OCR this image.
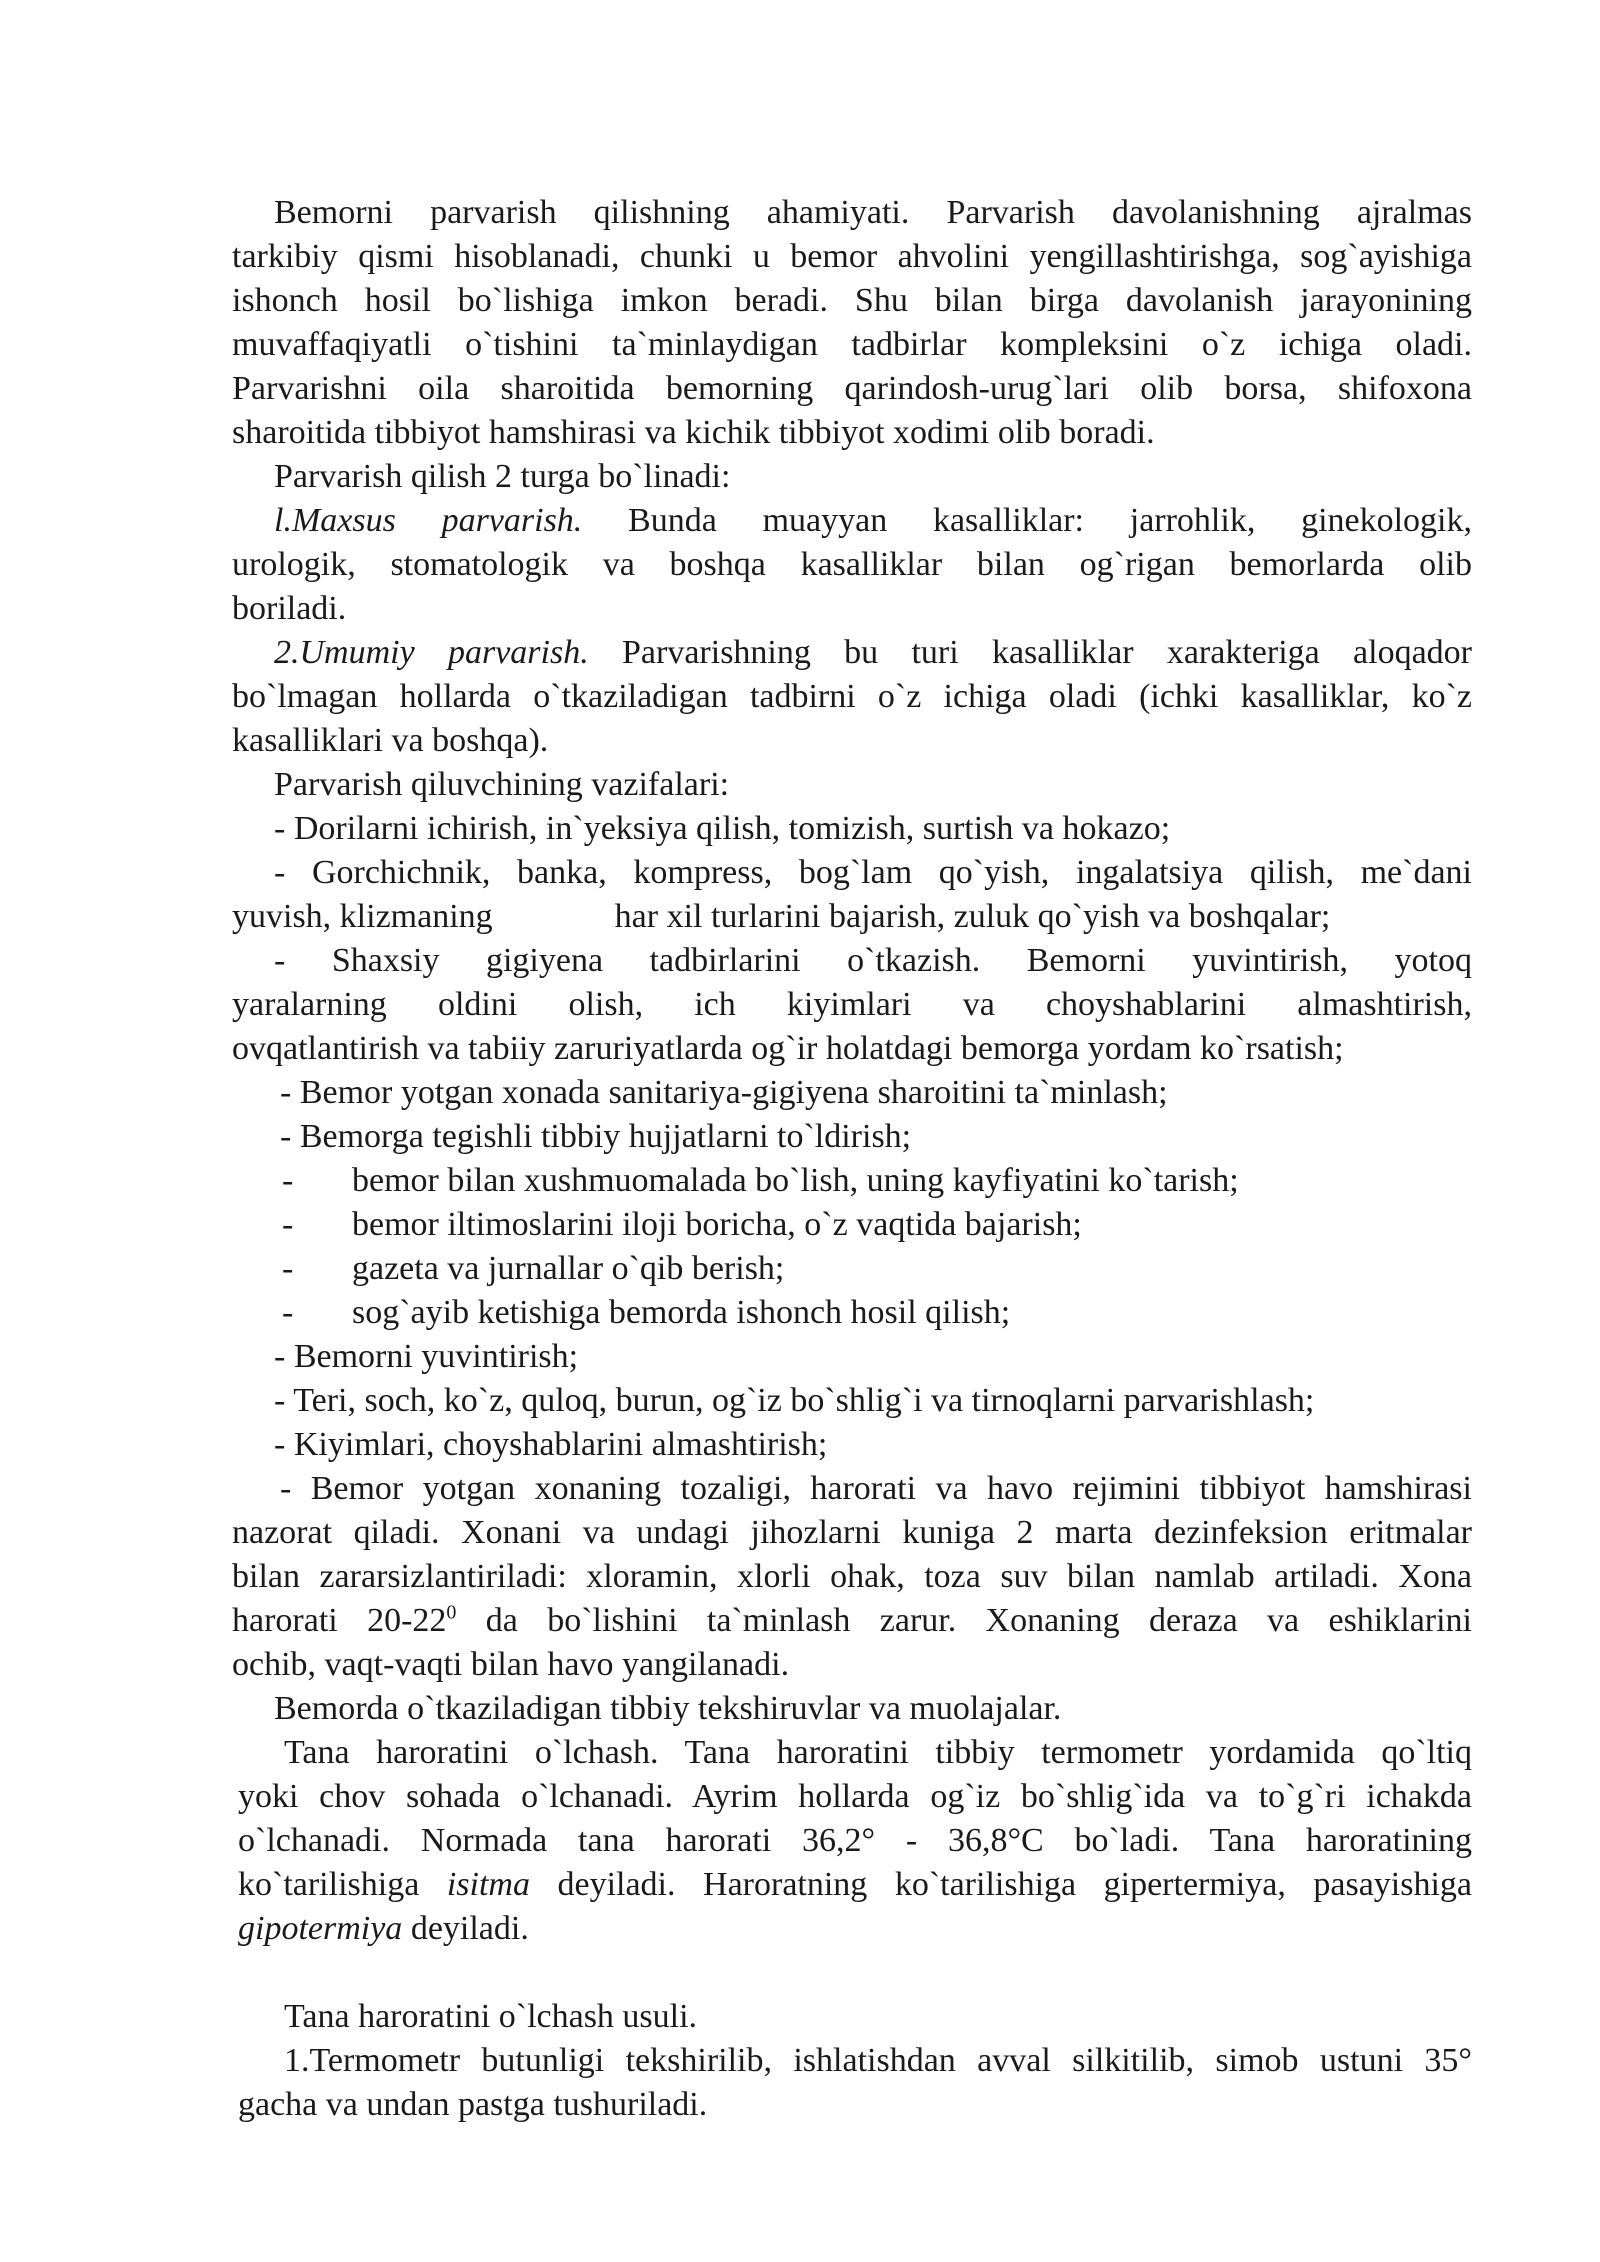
Bemorni parvarish qilishning ahamiyati. Parvarish davolanishning ajralmas
tarkibiy qismi hisoblanadi, chunki u bemor ahvolini yengillashtirishga, sog`ayishiga
ishonch hosil bo`lishiga imkon beradi. Shu bilan birga davolanish jarayonining
muvaffaqiyatli o`tishini ta`minlaydigan tadbirlar kompleksini o`z ichiga oladi.
Parvarishni oila sharoitida bemorning qarindosh-urug`lari olib borsa, shifoxona
sharoitida tibbiyot hamshirasi va kichik tibbiyot xodimi olib boradi.
Parvarish qilish 2 turga bo`linadi:
l.Maxsus parvarish. Bunda muayyan kasalliklar: jarrohlik, ginekologik,
urologik, stomatologik va boshqa kasalliklar bilan og`rigan bemorlarda olib
boriladi.
2.Umumiy parvarish. Parvarishning bu turi kasalliklar xarakteriga aloqador
bo`lmagan hollarda o`tkaziladigan tadbirni o`z ichiga oladi (ichki kasalliklar, ko`z
kasalliklari va boshqa).
Parvarish qiluvchining vazifalari:
- Dorilarni ichirish, in`yeksiya qilish, tomizish, surtish va hokazo;
- Gorchichnik, banka, kompress, bog`lam qo`yish, ingalatsiya qilish, me`dani
yuvish, klizmaning	har xil turlarini bajarish, zuluk qo`yish va boshqalar;
- Shaxsiy gigiyena tadbirlarini o`tkazish. Bemorni yuvintirish, yotoq
yaralarning oldini olish, ich kiyimlari va choyshablarini almashtirish,
ovqatlantirish va tabiiy zaruriyatlarda og`ir holatdagi bemorga yordam ko`rsatish;
- Bemor yotgan xonada sanitariya-gigiyena sharoitini ta`minlash;
- Bemorga tegishli tibbiy hujjatlarni to`ldirish;
- bemor bilan xushmuomalada bo`lish, uning kayfiyatini ko`tarish;
- bemor iltimoslarini iloji boricha, o`z vaqtida bajarish;
- gazeta va jurnallar o`qib berish;
- sog`ayib ketishiga bemorda ishonch hosil qilish;
- Bemorni yuvintirish;
- Teri, soch, ko`z, quloq, burun, og`iz bo`shlig`i va tirnoqlarni parvarishlash;
- Kiyimlari, choyshablarini almashtirish;
- Bemor yotgan xonaning tozaligi, harorati va havo rejimini tibbiyot hamshirasi
nazorat qiladi. Xonani va undagi jihozlarni kuniga 2 marta dezinfeksion eritmalar
bilan zararsizlantiriladi: xloramin, xlorli ohak, toza suv bilan namlab artiladi. Xona
harorati $20-22^0$ da bo`lishini ta`minlash zarur. Xonaning deraza va eshiklarini
ochib, vaqt-vaqti bilan havo yangilanadi.
Bemorda o`tkaziladigan tibbiy tekshiruvlar va muolajalar.
Tana haroratini o`lchash. Tana haroratini tibbiy termometr yordamida qo`ltiq
yoki chov sohada o`lchanadi. Ayrim hollarda og`iz bo`shlig`ida va to`g`ri ichakda
o`lchanadi. Normada tana harorati 36,2° - 36,8°C bo`ladi. Tana haroratining
ko`tarilishiga isitma deyiladi. Haroratning ko`tarilishiga gipertermiya, pasayishiga
gipotermiya deyiladi.
Tana haroratini o`lchash usuli.
1.Termometr butunligi tekshirilib, ishlatishdan avval silkitilib, simob ustuni 35°
gacha va undan pastga tushuriladi.
